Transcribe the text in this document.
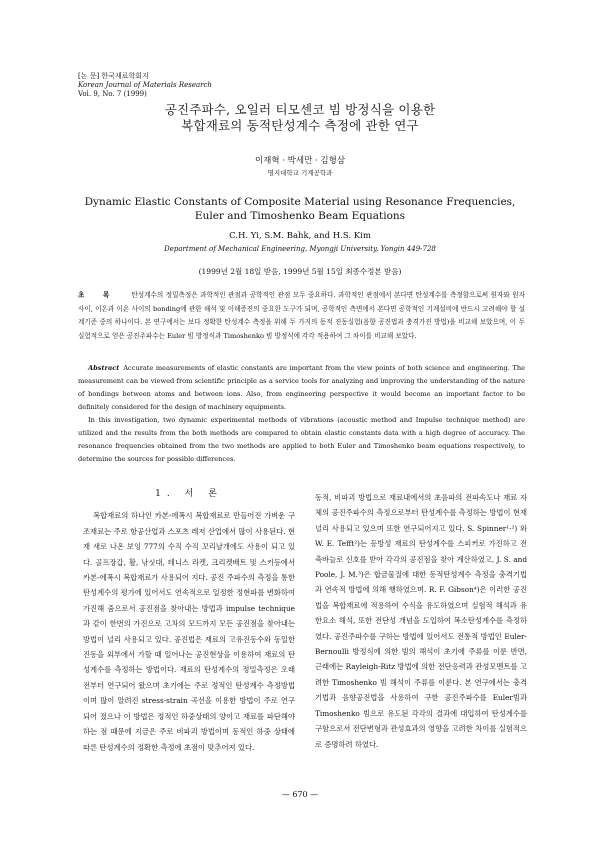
[논 문] 한국재료학회지
Korean Journal of Materials Research
Vol. 9, No. 7 (1999)
공진주파수, 오일러 티모센코 빔 방정식을 이용한
복합재료의 동적탄성계수 측정에 관한 연구
이재혁 · 박세만 · 김형삼
명지대학교 기계공학과
Dynamic Elastic Constants of Composite Material using Resonance Frequencies,
Euler and Timoshenko Beam Equations
C.H. Yi, S.M. Bahk, and H.S. Kim
Department of Mechanical Engineering, Myongji University, Yongin 449-728
(1999년 2월 18일 받음, 1999년 5월 15일 최종수정본 받음)
초 록 탄성계수의 정밀측정은 과학적인 관점과 공학적인 관점 모두 중요하다. 과학적인 관점에서 본다면 탄성계수를 측정함으로써 원자와 원자사이, 이온과 이온 사이의 bonding에 관한 해석 및 이해증진의 중요한 도구가 되며, 공학적인 측면에서 본다면 공학적인 기계설비에 반드시 고려해야 할 설계기준 중의 하나이다. 본 연구에서는 보다 정확한 탄성계수 측정을 위해 두 가지의 동적 진동실험(음향 공진법과 충격가진 방법)을 비교해 보았으며, 이 두 실험적으로 얻은 공진주파수는 Euler 빔 방정식과 Timoshenko 빔 방정식에 각각 적용하여 그 차이를 비교해 보았다.

Abstract Accurate measurements of elastic constants are important from the view points of both science and engineering. The measurement can be viewed from scientific principle as a service tools for analyzing and improving the understanding of the nature of bondings between atoms and between ions. Also, from engineering perspective it would become an important factor to be definitely considered for the design of machinery equipments.

In this investigation, two dynamic experimental methods of vibrations (acoustic method and Impulse technique method) are utilized and the results from the both methods are compared to obtain elastic constants data with a high degree of accuracy. The resonance frequencies obtained from the two methods are applied to both Euler and Timoshenko beam equations respectively, to determine the sources for possible differences.

1. 서 론

복합재료의 하나인 카본-에폭시 복합재료로 만들어진 가벼운 구조재료는 주로 항공산업과 스포츠 레저 산업에서 많이 사용된다. 현재 새로 나온 보잉 777의 수직 수직 꼬리날개에도 사용이 되고 있다. 골프장갑, 활, 낚싯대, 테니스 라켓, 크리켓배트 및 스키등에서 카본-에폭시 복합재료가 사용되어 지다. 공진 주파수의 측정을 통한 탄성계수의 평가에 있어서도 연속적으로 일정한 정현파를 변화하여 가진해 줌으로서 공진점을 찾아내는 방법과 impulse technique과 같이 한번의 가진으로 고차의 모드까지 모든 공진점을 찾아내는 방법이 널리 사용되고 있다. 공진법은 재료의 고유진동수와 동일한 진동을 외부에서 가할 때 일어나는 공진현상을 이용하여 재료의 탄성계수를 측정하는 방법이다. 재료의 탄성계수의 정밀측정은 오래전부터 연구되어 왔으며 초기에는 주로 정적인 탄성계수 측정방법이며 많이 알려진 stress-strain 곡선을 이용한 방법이 주로 연구되어 졌으나 이 방법은 정적인 하중상태의 양이고 재료를 파단해야 하는 점 때문에 지금은 주로 비파괴 방법이며 동적인 하중 상태에 따른 탄성계수의 정확한 측정에 초점이 맞추어져 있다.

동적, 비파괴 방법으로 재료내에서의 초음파의 전파속도나 재료 자체의 공진주파수의 측정으로부터 탄성계수를 측정하는 방법이 현재 널리 사용되고 있으며 또한 연구되어지고 있다. S. Spinner¹·²) 와 W. E. Tefft²)는 등방성 재료의 탄성계수를 스피커로 가진하고 전축바늘로 신호를 받아 각각의 공진점을 찾아 계산하였고, J. S. and Poole, J. M.³)은 합금물질에 대한 동적탄성계수 측정을 충격기법과 연속적 방법에 의해 행하였으며. R. F. Gibson⁴)은 이러한 공진법을 복합재료에 적용하여 수식을 유도하였으며 실험적 해석과 유한요소 해석, 또한 전단성 개념을 도입하여 복소탄성계수를 측정하였다. 공진주파수를 구하는 방법에 있어서도 전통적 방법인 Euler-Bernoulli 방정식에 의한 빔의 해석이 초기에 주류를 이룬 반면, 근래에는 Rayleigh-Ritz 방법에 의한 전단응력과 관성모멘트를 고려한 Timoshenko 빔 해석이 주류를 이룬다. 본 연구에서는 충격기법과 음향공진법을 사용하여 구한 공진주파수를 Euler빔과 Timoshenko 빔으로 유도된 각각의 결과에 대입하여 탄성계수를 구함으로서 전단변형과 관성효과의 영향을 고려한 차이를 실험적으로 증명하려 하였다.

— 670 —
